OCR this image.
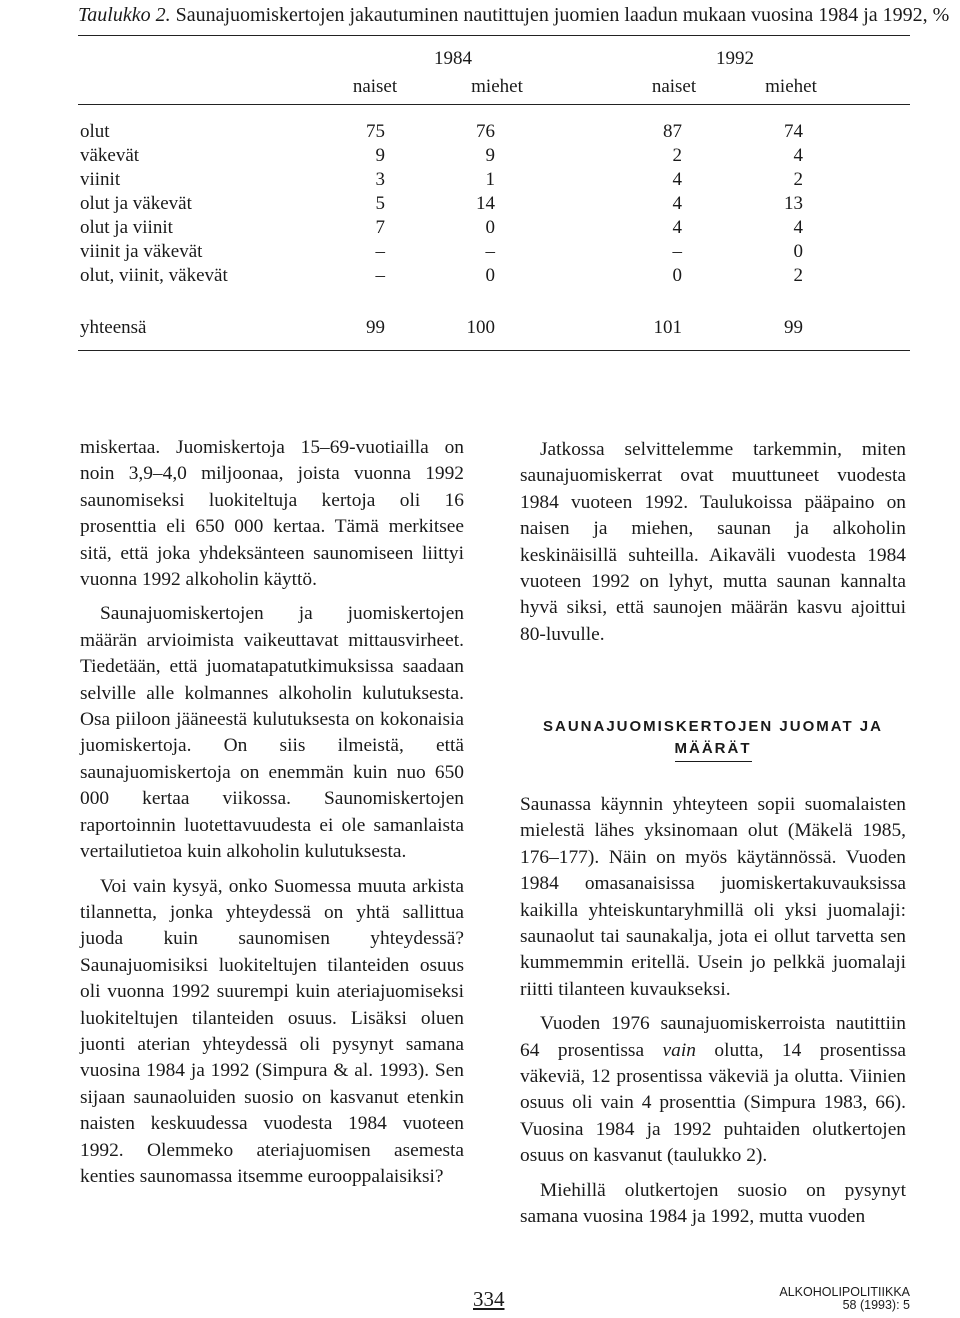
Taulukko 2. Saunajuomiskertojen jakautuminen nautittujen juomien laadun mukaan vuosina 1984 ja 1992, %
1984	1992
naiset	miehet	naiset	miehet
olut	75	76	87	74
väkevät	9	9	2	4
viinit	3	1	4	2
olut ja väkevät	5	14	4	13
olut ja viinit	7	0	4	4
viinit ja väkevät	–	–	–	0
olut, viinit, väkevät	–	0	0	2
yhteensä	99	100	101	99

miskertaa. Juomiskertoja 15–69-vuotiailla on noin 3,9–4,0 miljoonaa, joista vuonna 1992 saunomiseksi luokiteltuja kertoja oli 16 prosenttia eli 650 000 kertaa. Tämä merkitsee sitä, että joka yhdeksänteen saunomiseen liittyi vuonna 1992 alkoholin käyttö.

Saunajuomiskertojen ja juomiskertojen määrän arvioimista vaikeuttavat mittausvirheet. Tiedetään, että juomatapatutkimuksissa saadaan selville alle kolmannes alkoholin kulutuksesta. Osa piiloon jääneestä kulutuksesta on kokonaisia juomiskertoja. On siis ilmeistä, että saunajuomiskertoja on enemmän kuin nuo 650 000 kertaa viikossa. Saunomiskertojen raportoinnin luotettavuudesta ei ole samanlaista vertailutietoa kuin alkoholin kulutuksesta.

Voi vain kysyä, onko Suomessa muuta arkista tilannetta, jonka yhteydessä on yhtä sallittua juoda kuin saunomisen yhteydessä? Saunajuomisiksi luokiteltujen tilanteiden osuus oli vuonna 1992 suurempi kuin ateriajuomiseksi luokiteltujen tilanteiden osuus. Lisäksi oluen juonti aterian yhteydessä oli pysynyt samana vuosina 1984 ja 1992 (Simpura & al. 1993). Sen sijaan saunaoluiden suosio on kasvanut etenkin naisten keskuudessa vuodesta 1984 vuoteen 1992. Olemmeko ateriajuomisen asemesta kenties saunomassa itsemme eurooppalaisiksi?

Jatkossa selvittelemme tarkemmin, miten saunajuomiskerrat ovat muuttuneet vuodesta 1984 vuoteen 1992. Taulukoissa pääpaino on naisen ja miehen, saunan ja alkoholin keskinäisillä suhteilla. Aikaväli vuodesta 1984 vuoteen 1992 on lyhyt, mutta saunan kannalta hyvä siksi, että saunojen määrän kasvu ajoittui 80-luvulle.

SAUNAJUOMISKERTOJEN JUOMAT JA
MÄÄRÄT

Saunassa käynnin yhteyteen sopii suomalaisten mielestä lähes yksinomaan olut (Mäkelä 1985, 176–177). Näin on myös käytännössä. Vuoden 1984 omasanaisissa juomiskertakuvauksissa kaikilla yhteiskuntaryhmillä oli yksi juomalaji: saunaolut tai saunakalja, jota ei ollut tarvetta sen kummemmin eritellä. Usein jo pelkkä juomalaji riitti tilanteen kuvaukseksi.

Vuoden 1976 saunajuomiskerroista nautittiin 64 prosentissa vain olutta, 14 prosentissa väkeviä, 12 prosentissa väkeviä ja olutta. Viinien osuus oli vain 4 prosenttia (Simpura 1983, 66). Vuosina 1984 ja 1992 puhtaiden olutkertojen osuus on kasvanut (taulukko 2).

Miehillä olutkertojen suosio on pysynyt samana vuosina 1984 ja 1992, mutta vuoden

334	ALKOHOLIPOLITIIKKA
58 (1993): 5
